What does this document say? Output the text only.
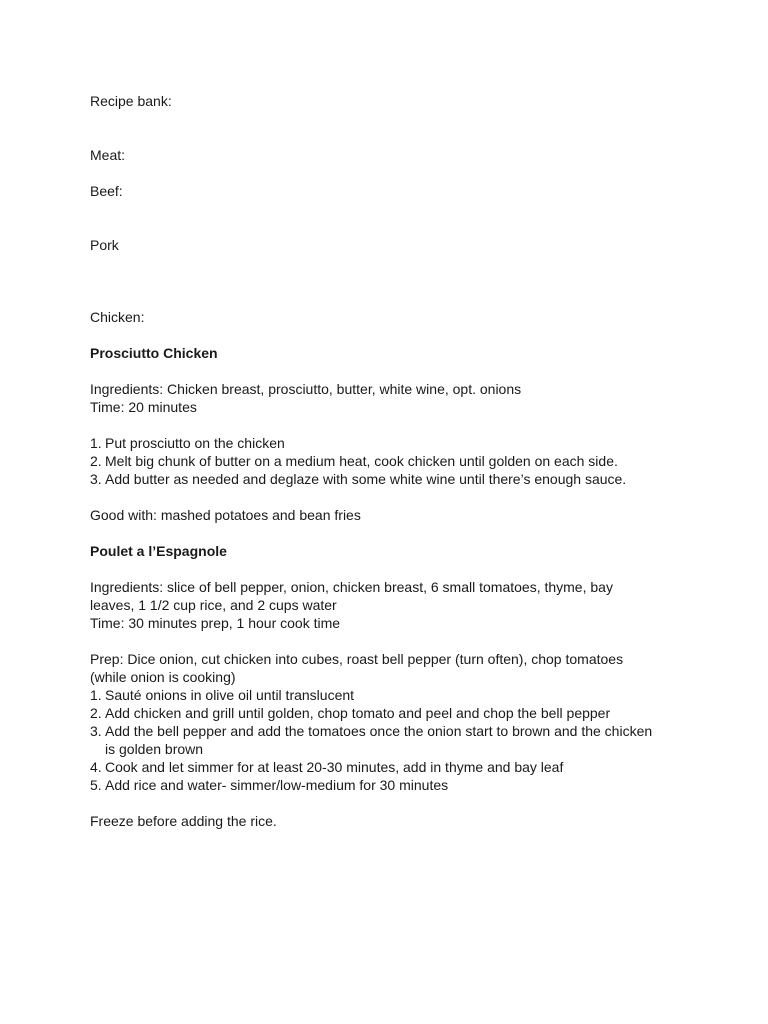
Recipe bank:
Meat:
Beef:
Pork
Chicken:
Prosciutto Chicken
Ingredients: Chicken breast, prosciutto, butter, white wine, opt. onions
Time: 20 minutes
1. Put prosciutto on the chicken
2. Melt big chunk of butter on a medium heat, cook chicken until golden on each side.
3. Add butter as needed and deglaze with some white wine until there’s enough sauce.
Good with: mashed potatoes and bean fries
Poulet a l’Espagnole
Ingredients: slice of bell pepper, onion, chicken breast, 6 small tomatoes, thyme, bay
leaves, 1 1/2 cup rice, and 2 cups water
Time: 30 minutes prep, 1 hour cook time
Prep: Dice onion, cut chicken into cubes, roast bell pepper (turn often), chop tomatoes
(while onion is cooking)
1. Sauté onions in olive oil until translucent
2. Add chicken and grill until golden, chop tomato and peel and chop the bell pepper
3. Add the bell pepper and add the tomatoes once the onion start to brown and the chicken is golden brown
4. Cook and let simmer for at least 20-30 minutes, add in thyme and bay leaf
5. Add rice and water- simmer/low-medium for 30 minutes
Freeze before adding the rice.
